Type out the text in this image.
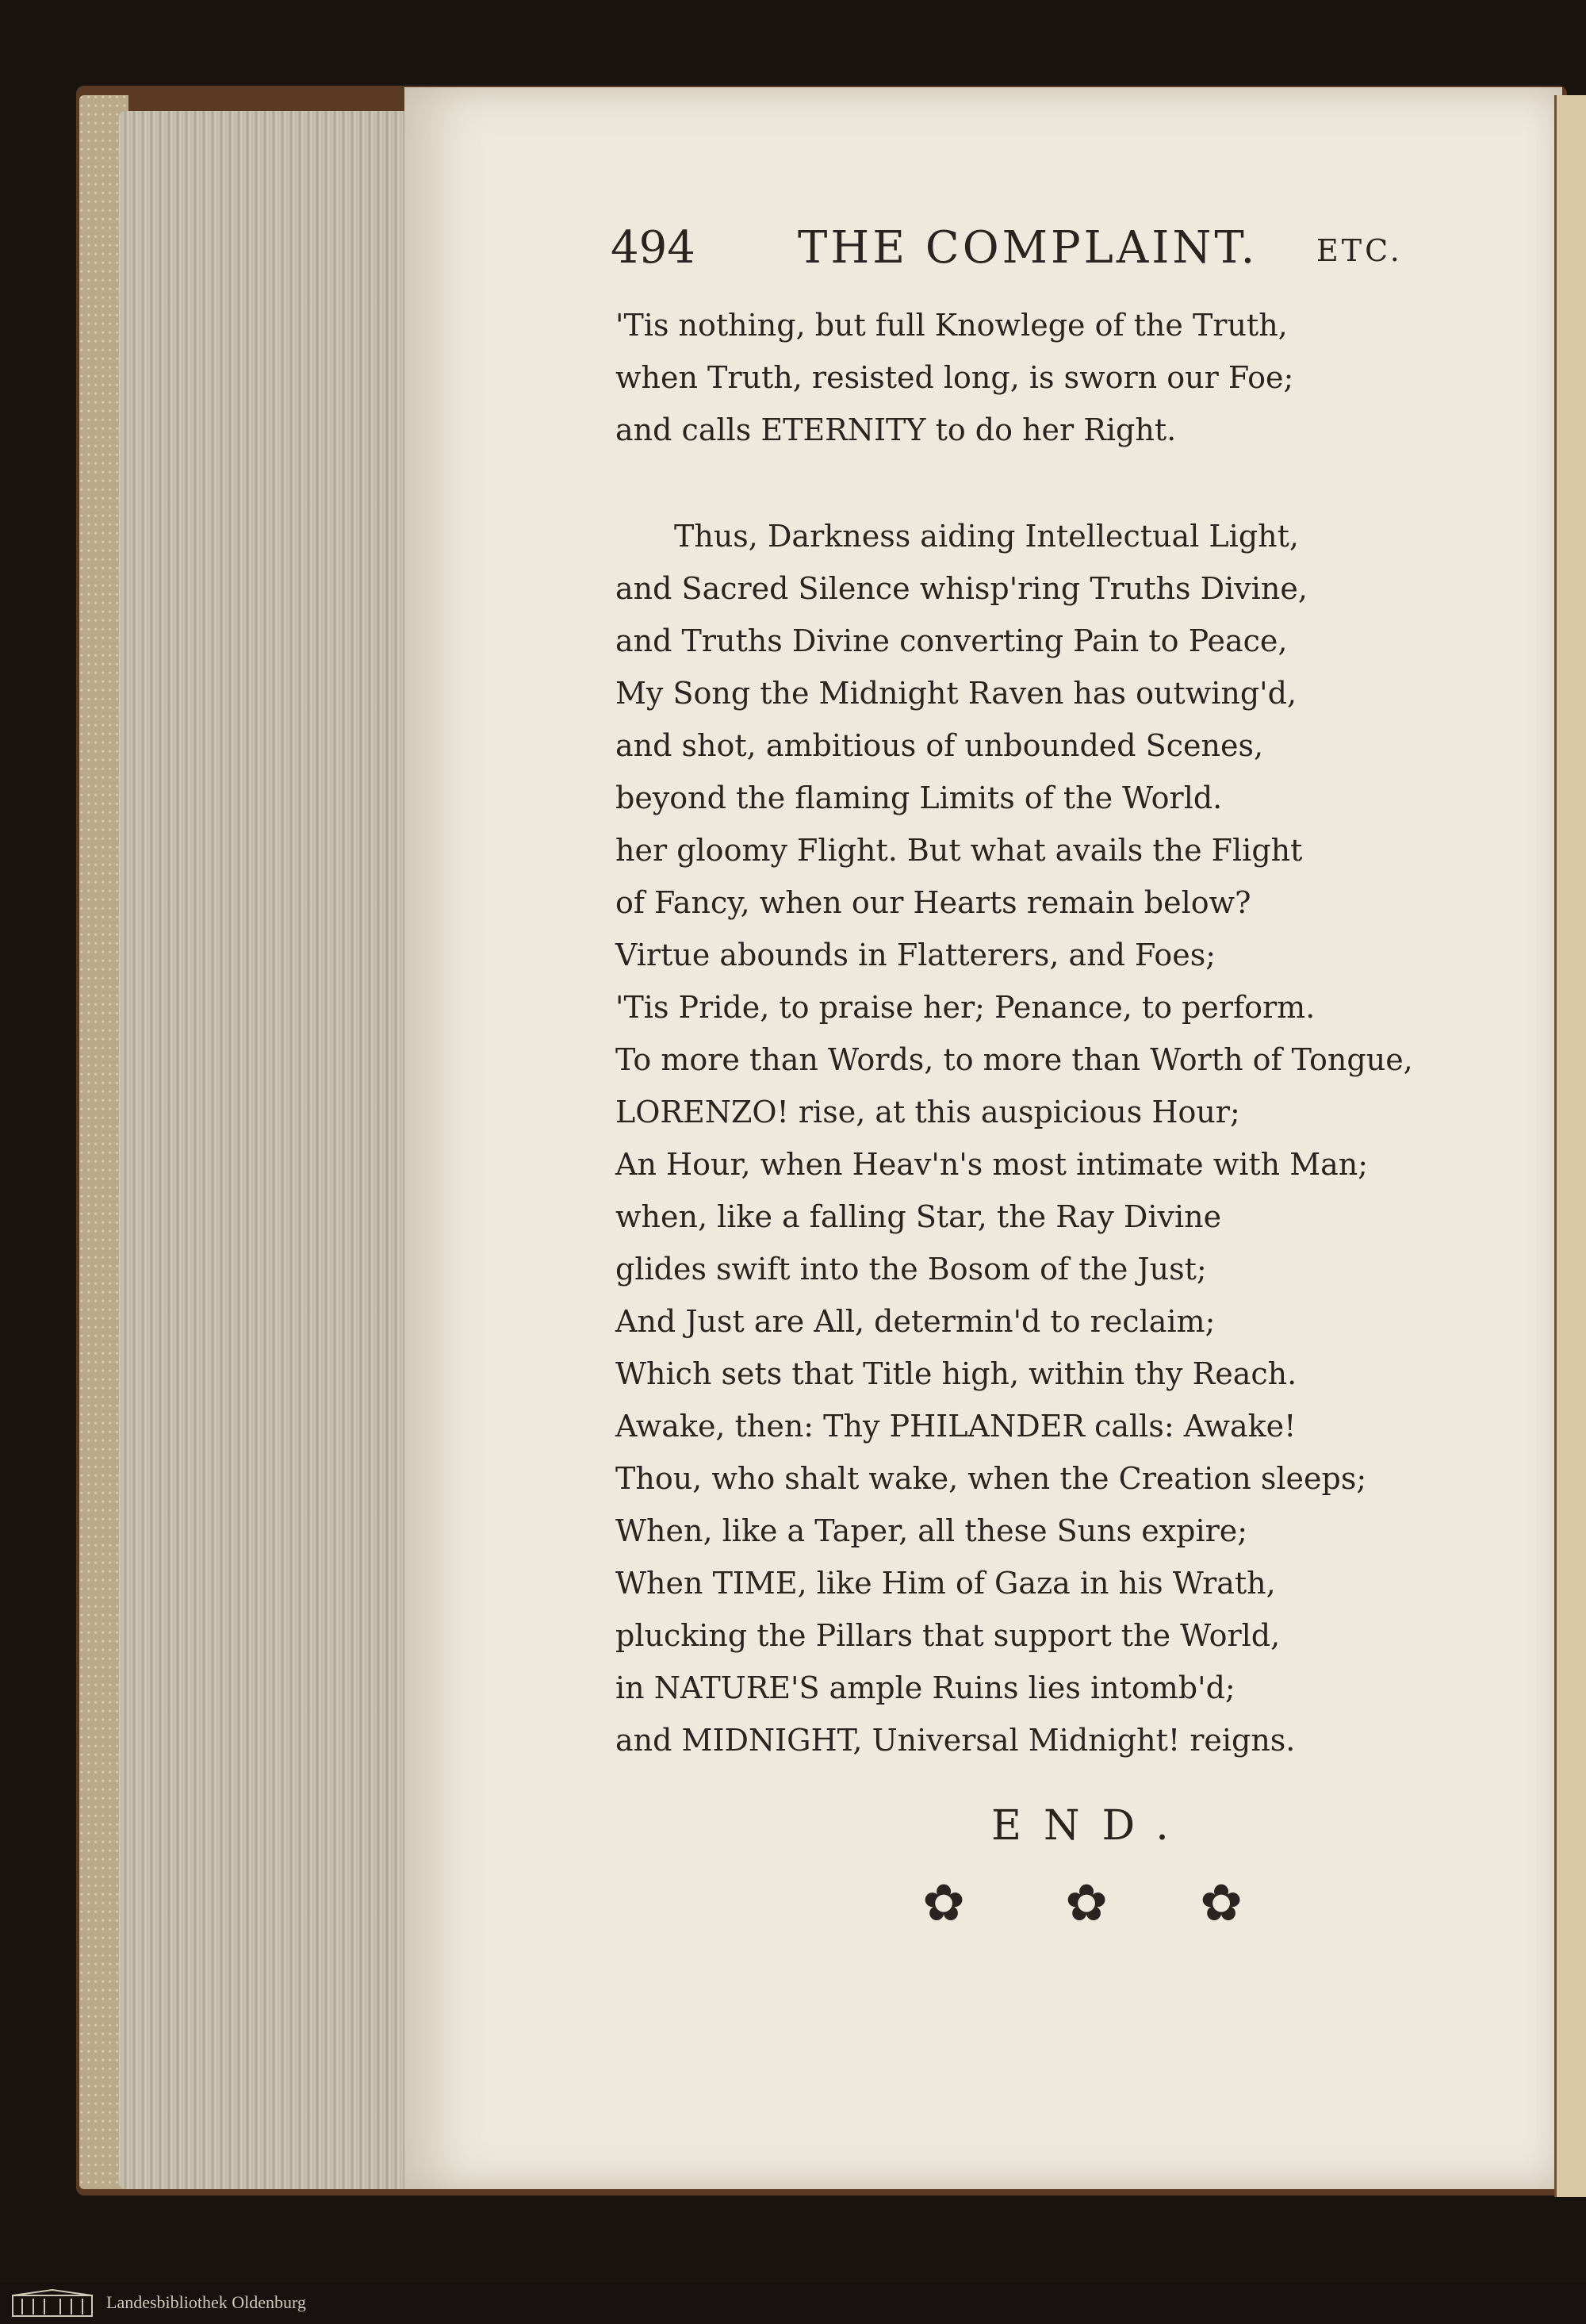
494 THE COMPLAINT. ETC.
'Tis nothing, but full Knowlege of the Truth,
when Truth, resisted long, is sworn our Foe;
and calls ETERNITY to do her Right.
Thus, Darkness aiding Intellectual Light,
and Sacred Silence whisp'ring Truths Divine,
and Truths Divine converting Pain to Peace,
My Song the Midnight Raven has outwing'd,
and shot, ambitious of unbounded Scenes,
beyond the flaming Limits of the World.
her gloomy Flight. But what avails the Flight
of Fancy, when our Hearts remain below?
Virtue abounds in Flatterers, and Foes;
'Tis Pride, to praise her; Penance, to perform.
To more than Words, to more than Worth of Tongue,
LORENZO! rise, at this auspicious Hour;
An Hour, when Heav'n's most intimate with Man;
when, like a falling Star, the Ray Divine
glides swift into the Bosom of the Just;
And Just are All, determin'd to reclaim;
Which sets that Title high, within thy Reach.
Awake, then: Thy PHILANDER calls: Awake!
Thou, who shalt wake, when the Creation sleeps;
When, like a Taper, all these Suns expire;
When TIME, like Him of Gaza in his Wrath,
plucking the Pillars that support the World,
in NATURE'S ample Ruins lies intomb'd;
and MIDNIGHT, Universal Midnight! reigns.
END.
✿ ✿ ✿
Landesbibliothek Oldenburg
